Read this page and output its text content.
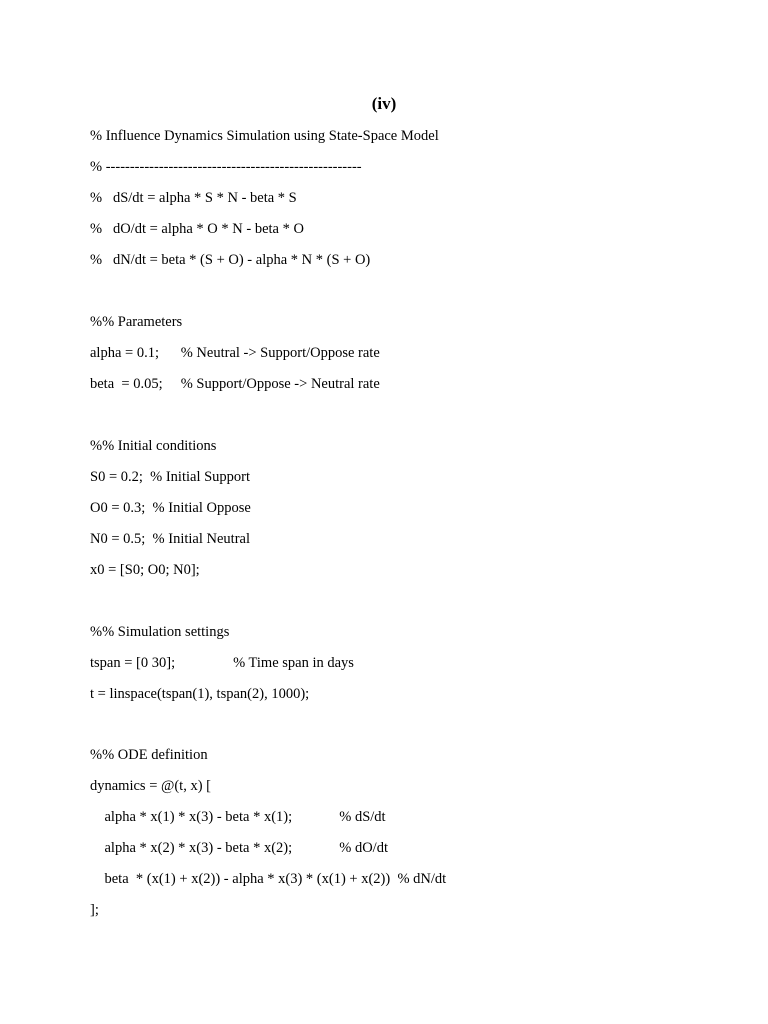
(iv)
% Influence Dynamics Simulation using State-Space Model
% -----------------------------------------------------
%   dS/dt = alpha * S * N - beta * S
%   dO/dt = alpha * O * N - beta * O
%   dN/dt = beta * (S + O) - alpha * N * (S + O)
%% Parameters
alpha = 0.1;      % Neutral -> Support/Oppose rate
beta  = 0.05;     % Support/Oppose -> Neutral rate
%% Initial conditions
S0 = 0.2;  % Initial Support
O0 = 0.3;  % Initial Oppose
N0 = 0.5;  % Initial Neutral
x0 = [S0; O0; N0];
%% Simulation settings
tspan = [0 30];                % Time span in days
t = linspace(tspan(1), tspan(2), 1000);
%% ODE definition
dynamics = @(t, x) [
alpha * x(1) * x(3) - beta * x(1);             % dS/dt
alpha * x(2) * x(3) - beta * x(2);             % dO/dt
beta  * (x(1) + x(2)) - alpha * x(3) * (x(1) + x(2))  % dN/dt
];
